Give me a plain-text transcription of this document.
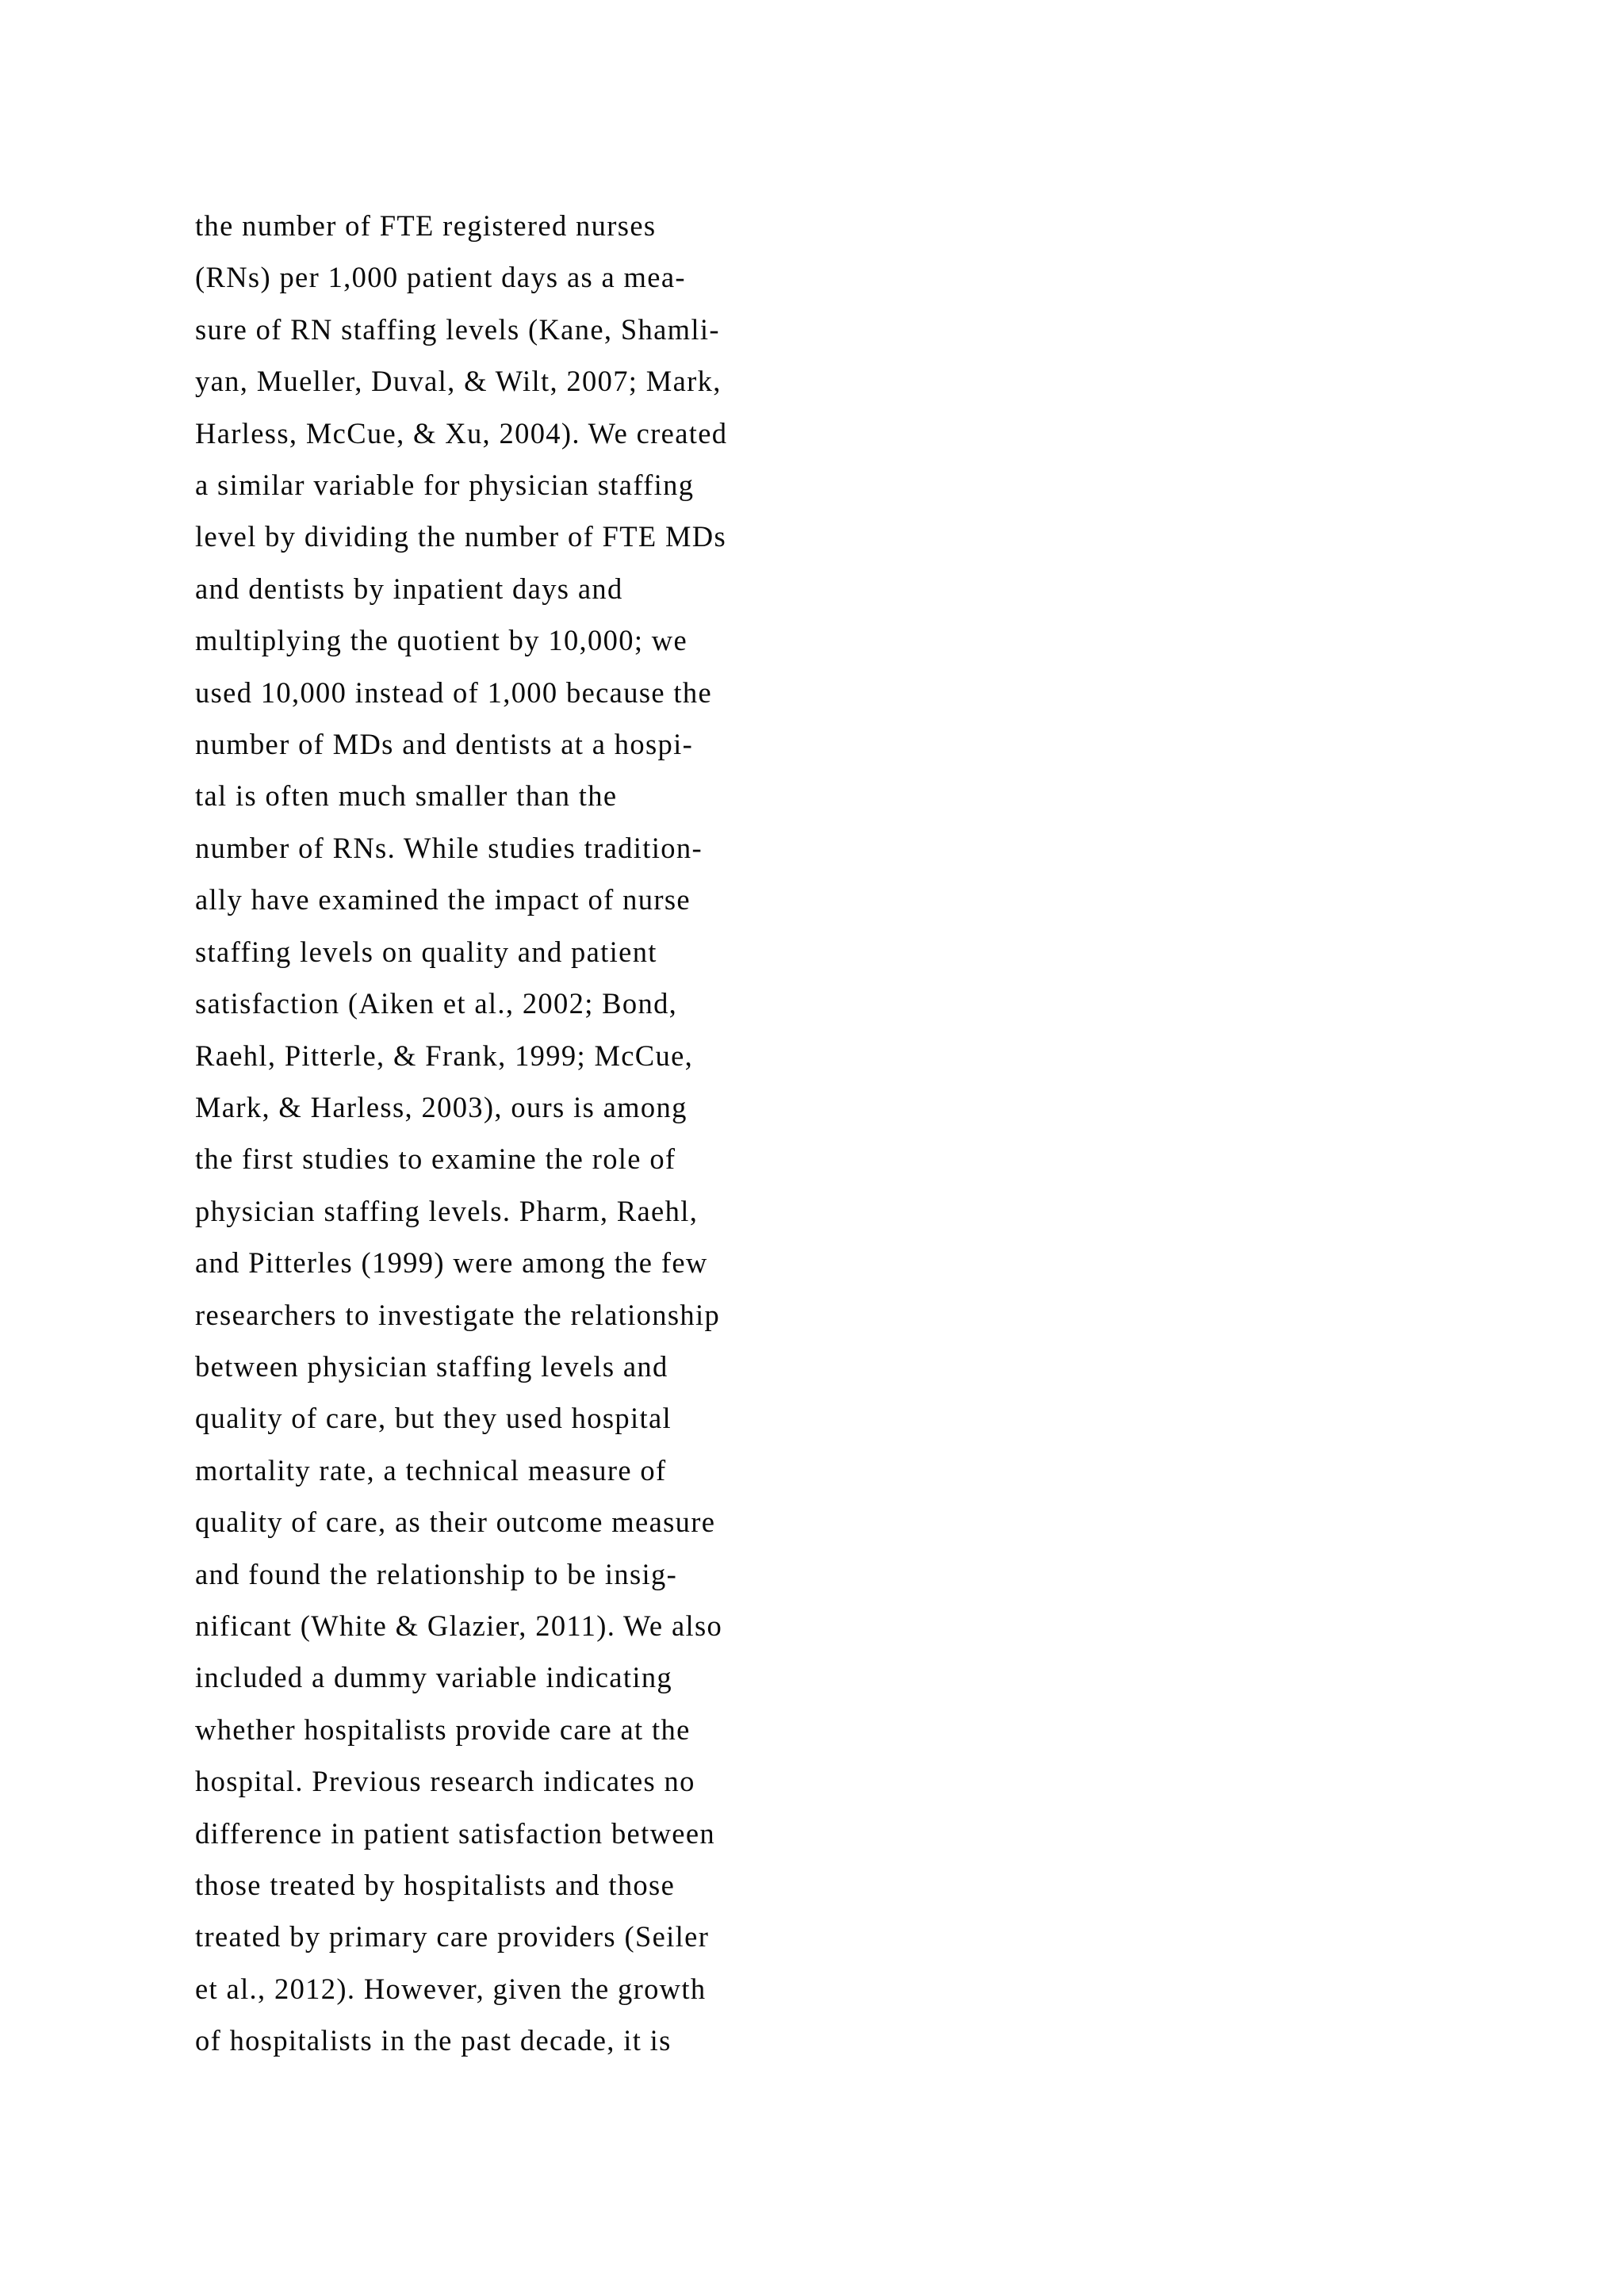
the number of FTE registered nurses
(RNs) per 1,000 patient days as a mea-
sure of RN staffing levels (Kane, Shamli-
yan, Mueller, Duval, & Wilt, 2007; Mark,
Harless, McCue, & Xu, 2004). We created
a similar variable for physician staffing
level by dividing the number of FTE MDs
and dentists by inpatient days and
multiplying the quotient by 10,000; we
used 10,000 instead of 1,000 because the
number of MDs and dentists at a hospi-
tal is often much smaller than the
number of RNs. While studies tradition-
ally have examined the impact of nurse
staffing levels on quality and patient
satisfaction (Aiken et al., 2002; Bond,
Raehl, Pitterle, & Frank, 1999; McCue,
Mark, & Harless, 2003), ours is among
the first studies to examine the role of
physician staffing levels. Pharm, Raehl,
and Pitterles (1999) were among the few
researchers to investigate the relationship
between physician staffing levels and
quality of care, but they used hospital
mortality rate, a technical measure of
quality of care, as their outcome measure
and found the relationship to be insig-
nificant (White & Glazier, 2011). We also
included a dummy variable indicating
whether hospitalists provide care at the
hospital. Previous research indicates no
difference in patient satisfaction between
those treated by hospitalists and those
treated by primary care providers (Seiler
et al., 2012). However, given the growth
of hospitalists in the past decade, it is
